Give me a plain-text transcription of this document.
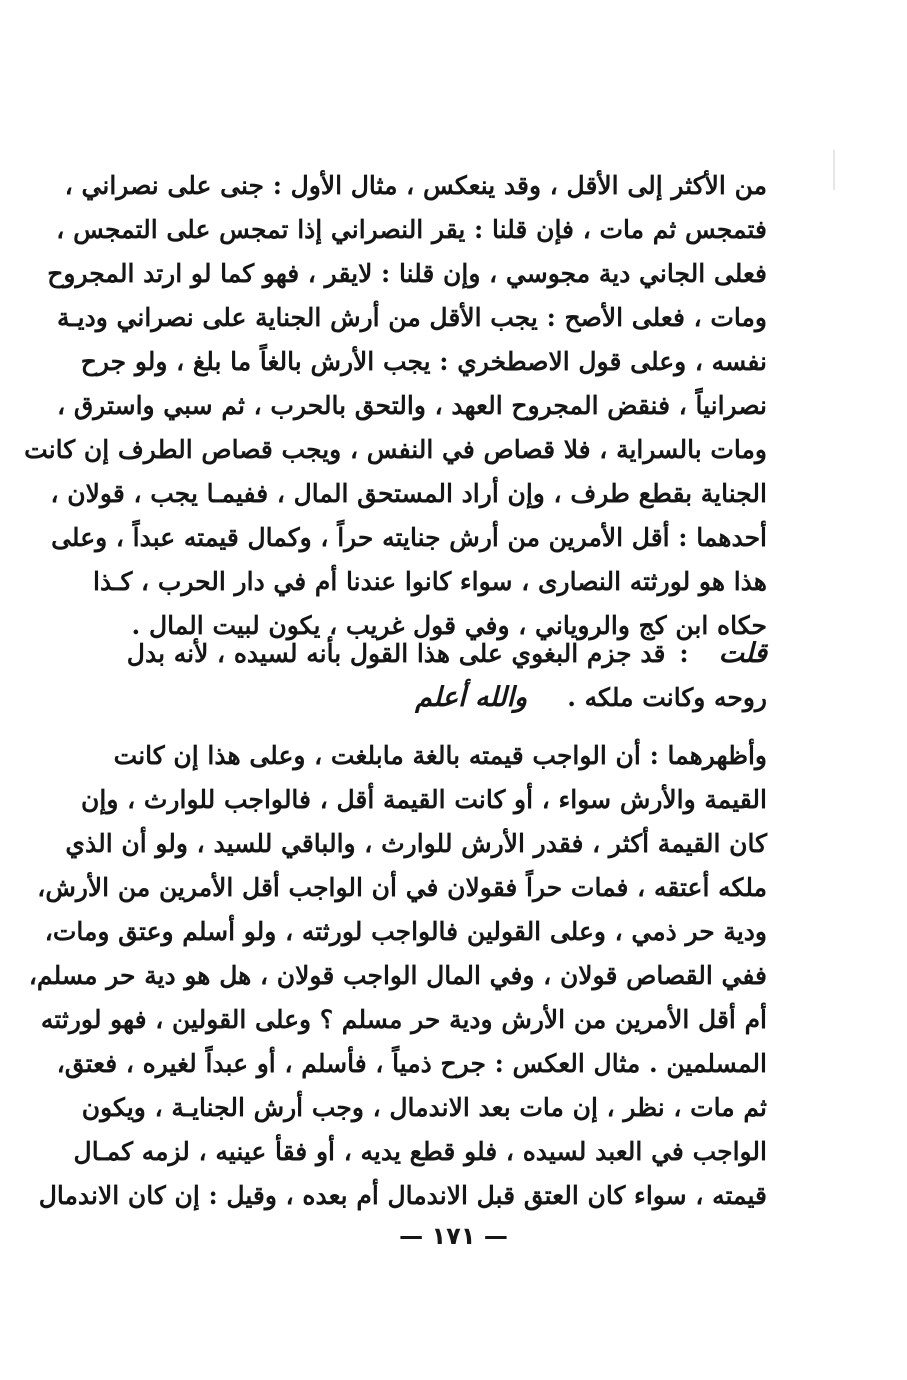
من الأكثر إلى الأقل ، وقد ينعكس ، مثال الأول : جنى على نصراني ،
فتمجس ثم مات ، فإن قلنا : يقر النصراني إذا تمجس على التمجس ،
فعلى الجاني دية مجوسي ، وإن قلنا : لايقر ، فهو كما لو ارتد المجروح
ومات ، فعلى الأصح : يجب الأقل من أرش الجناية على نصراني وديـة
نفسه ، وعلى قول الاصطخري : يجب الأرش بالغاً ما بلغ ، ولو جرح
نصرانياً ، فنقض المجروح العهد ، والتحق بالحرب ، ثم سبي واسترق ،
ومات بالسراية ، فلا قصاص في النفس ، ويجب قصاص الطرف إن كانت
الجناية بقطع طرف ، وإن أراد المستحق المال ، ففيمـا يجب ، قولان ،
أحدهما : أقل الأمرين من أرش جنايته حراً ، وكمال قيمته عبداً ، وعلى
هذا هو لورثته النصارى ، سواء كانوا عندنا أم في دار الحرب ، كـذا
حكاه ابن كج والروياني ، وفي قول غريب ، يكون لبيت المال .
قلت
:
قد جزم البغوي على هذا القول بأنه لسيده ، لأنه بدل
روحه وكانت ملكه .
والله أعلم
وأظهرهما : أن الواجب قيمته بالغة مابلغت ، وعلى هذا إن كانت
القيمة والأرش سواء ، أو كانت القيمة أقل ، فالواجب للوارث ، وإن
كان القيمة أكثر ، فقدر الأرش للوارث ، والباقي للسيد ، ولو أن الذي
ملكه أعتقه ، فمات حراً فقولان في أن الواجب أقل الأمرين من الأرش،
ودية حر ذمي ، وعلى القولين فالواجب لورثته ، ولو أسلم وعتق ومات،
ففي القصاص قولان ، وفي المال الواجب قولان ، هل هو دية حر مسلم،
أم أقل الأمرين من الأرش ودية حر مسلم ؟ وعلى القولين ، فهو لورثته
المسلمين . مثال العكس : جرح ذمياً ، فأسلم ، أو عبداً لغيره ، فعتق،
ثم مات ، نظر ، إن مات بعد الاندمال ، وجب أرش الجنايـة ، ويكون
الواجب في العبد لسيده ، فلو قطع يديه ، أو فقأ عينيه ، لزمه كمـال
قيمته ، سواء كان العتق قبل الاندمال أم بعده ، وقيل : إن كان الاندمال
— ١٧١ —
